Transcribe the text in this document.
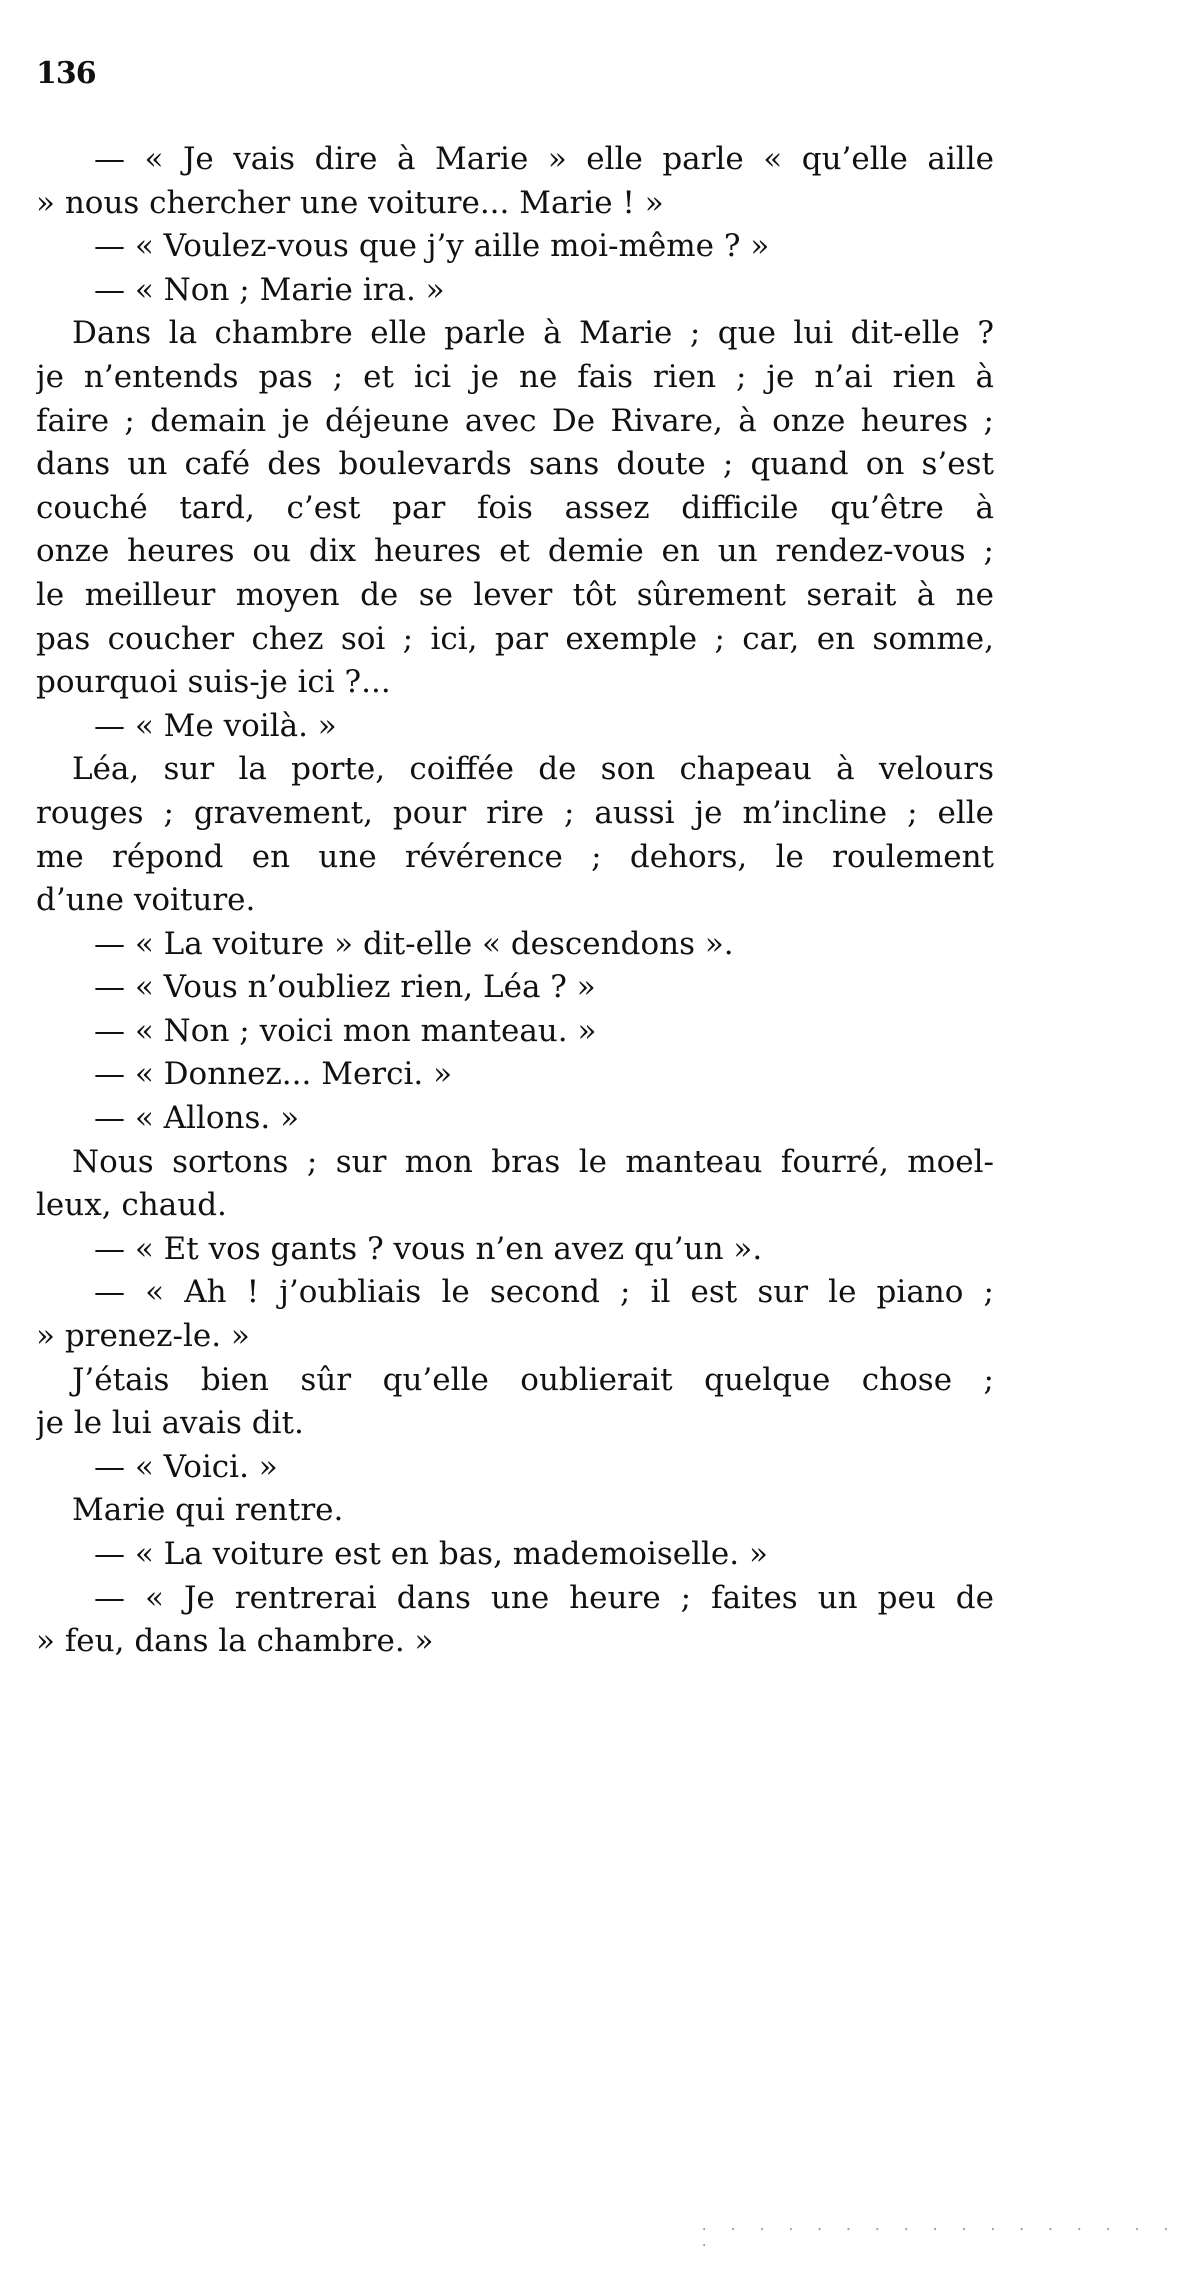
136
— « Je vais dire à Marie » elle parle « qu’elle aille
» nous chercher une voiture... Marie ! »
— « Voulez-vous que j’y aille moi-même ? »
— « Non ; Marie ira. »
Dans la chambre elle parle à Marie ; que lui dit-elle ?
je n’entends pas ; et ici je ne fais rien ; je n’ai rien à
faire ; demain je déjeune avec De Rivare, à onze heures ;
dans un café des boulevards sans doute ; quand on s’est
couché tard, c’est par fois assez difficile qu’être à
onze heures ou dix heures et demie en un rendez-vous ;
le meilleur moyen de se lever tôt sûrement serait à ne
pas coucher chez soi ; ici, par exemple ; car, en somme,
pourquoi suis-je ici ?...
— « Me voilà. »
Léa, sur la porte, coiffée de son chapeau à velours
rouges ; gravement, pour rire ; aussi je m’incline ; elle
me répond en une révérence ; dehors, le roulement
d’une voiture.
— « La voiture » dit-elle « descendons ».
— « Vous n’oubliez rien, Léa ? »
— « Non ; voici mon manteau. »
— « Donnez... Merci. »
— « Allons. »
Nous sortons ; sur mon bras le manteau fourré, moel-
leux, chaud.
— « Et vos gants ? vous n’en avez qu’un ».
— « Ah ! j’oubliais le second ; il est sur le piano ;
» prenez-le. »
J’étais bien sûr qu’elle oublierait quelque chose ;
je le lui avais dit.
— « Voici. »
Marie qui rentre.
— « La voiture est en bas, mademoiselle. »
— « Je rentrerai dans une heure ; faites un peu de
» feu, dans la chambre. »
⋅ ⋅ ⋅ ⋅ ⋅ ⋅ ⋅ ⋅ ⋅ ⋅ ⋅ ⋅ ⋅ ⋅ ⋅ ⋅ ⋅ ⋅
